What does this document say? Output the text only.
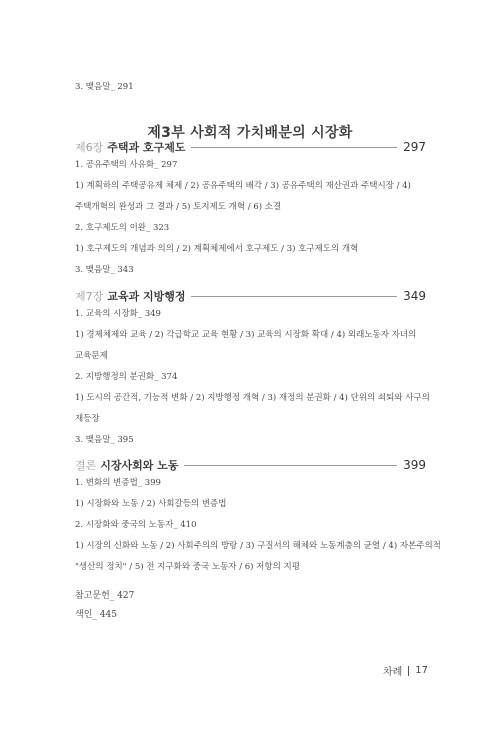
3. 맺음말_ 291

제3부 사회적 가치배분의 시장화
제6장 주택과 호구제도	297

1. 공유주택의 사유화_ 297

1) 계획하의 주택공유제 체제 / 2) 공유주택의 배각 / 3) 공유주택의 재산권과 주택시장 / 4)

주택개혁의 완성과 그 결과 / 5) 토지제도 개혁 / 6) 소결

2. 호구제도의 이완_ 323

1) 호구제도의 개념과 의의 / 2) 계획체제에서 호구제도 / 3) 호구제도의 개혁

3. 맺음말_ 343

제7장 교육과 지방행정	349

1. 교육의 시장화_ 349

1) 경제체제와 교육 / 2) 각급학교 교육 현황 / 3) 교육의 시장화 확대 / 4) 외래노동자 자녀의

교육문제

2. 지방행정의 분권화_ 374

1) 도시의 공간적, 기능적 변화 / 2) 지방행정 개혁 / 3) 재정의 분권화 / 4) 단위의 쇠퇴와 사구의

재등장

3. 맺음말_ 395

결론 시장사회와 노동	399

1. 변화의 변증법_ 399

1) 시장화와 노동 / 2) 사회갈등의 변증법

2. 시장화와 중국의 노동자_ 410

1) 시장의 신화와 노동 / 2) 사회주의의 방랑 / 3) 구질서의 해체와 노동계층의 균열 / 4) 자본주의적

"생산의 정치" / 5) 전 지구화와 중국 노동자 / 6) 저항의 지평

참고문헌_ 427

색인_ 445

차례 17
